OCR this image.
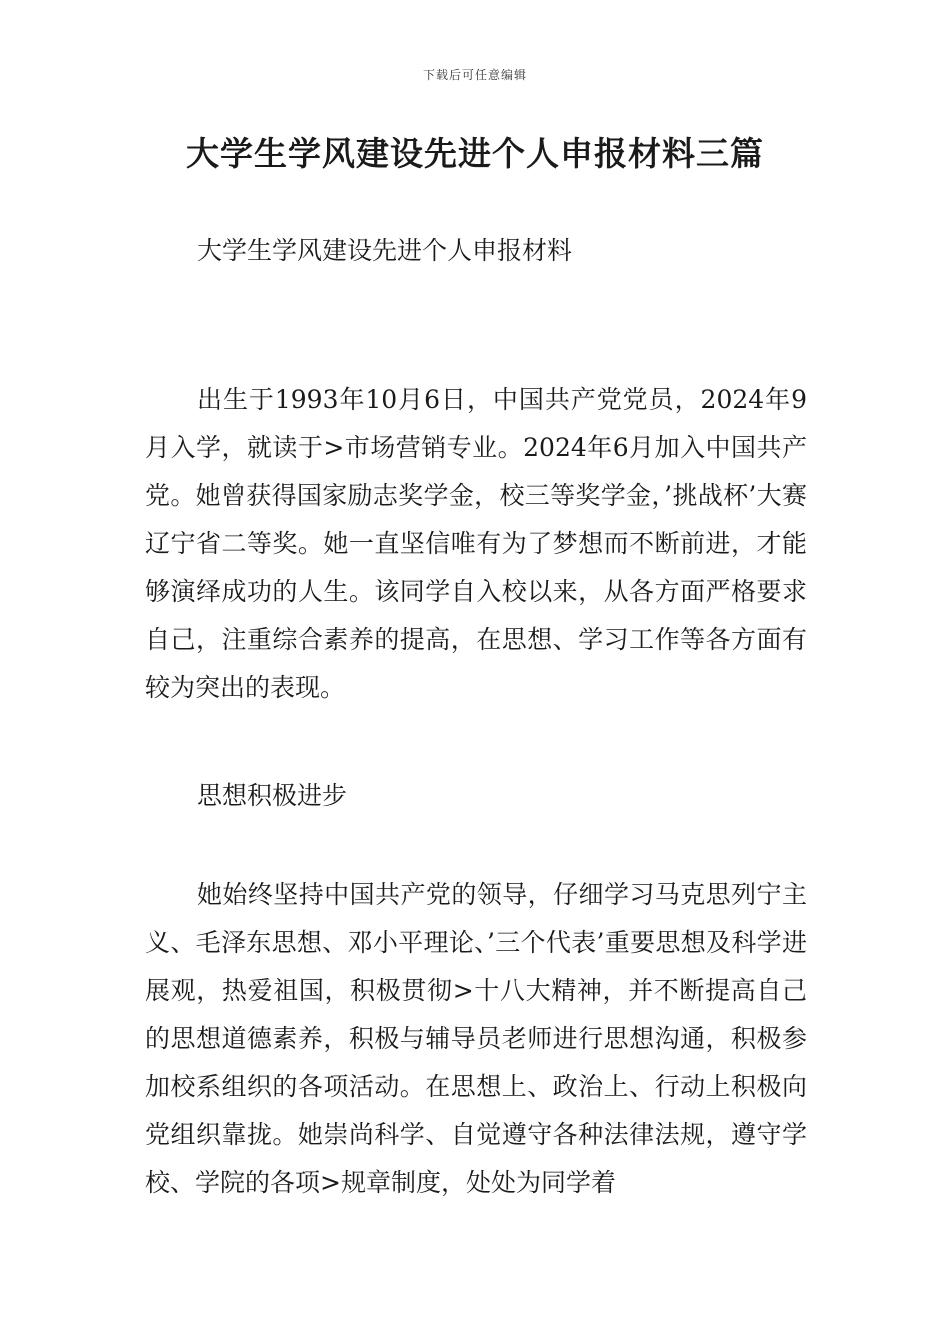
下载后可任意编辑
大学生学风建设先进个人申报材料三篇

大学生学风建设先进个人申报材料

出生于1993年10月6日，中国共产党党员，2024年9月入学，就读于>市场营销专业。2024年6月加入中国共产党。她曾获得国家励志奖学金，校三等奖学金，’挑战杯’大赛辽宁省二等奖。她一直坚信唯有为了梦想而不断前进，才能够演绎成功的人生。该同学自入校以来，从各方面严格要求自己，注重综合素养的提高，在思想、学习工作等各方面有较为突出的表现。

思想积极进步

她始终坚持中国共产党的领导，仔细学习马克思列宁主义、毛泽东思想、邓小平理论、’三个代表’重要思想及科学进展观，热爱祖国，积极贯彻>十八大精神，并不断提高自己的思想道德素养，积极与辅导员老师进行思想沟通，积极参加校系组织的各项活动。在思想上、政治上、行动上积极向党组织靠拢。她崇尚科学、自觉遵守各种法律法规，遵守学校、学院的各项>规章制度，处处为同学着
